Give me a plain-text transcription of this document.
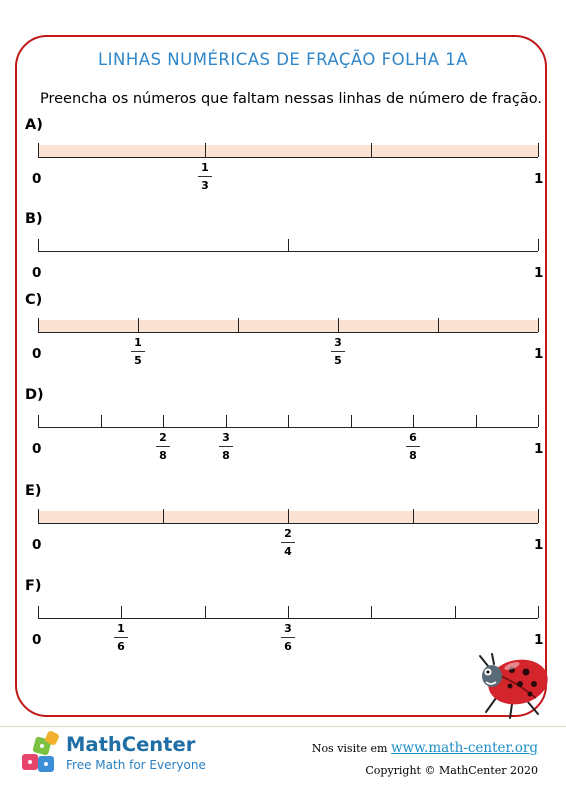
LINHAS NUMÉRICAS DE FRAÇÃO FOLHA 1A
Preencha os números que faltam nessas linhas de número de fração.
A)
0	1
1
3
B)
0	1
C)
0	1
1
5
3
5
D)
0	1
2
8
3
8
6
8
E)
0	1
2
4
F)
0	1
1
6
3
6
MathCenter
Free Math for Everyone
Nos visite em www.math-center.org
Copyright © MathCenter 2020
